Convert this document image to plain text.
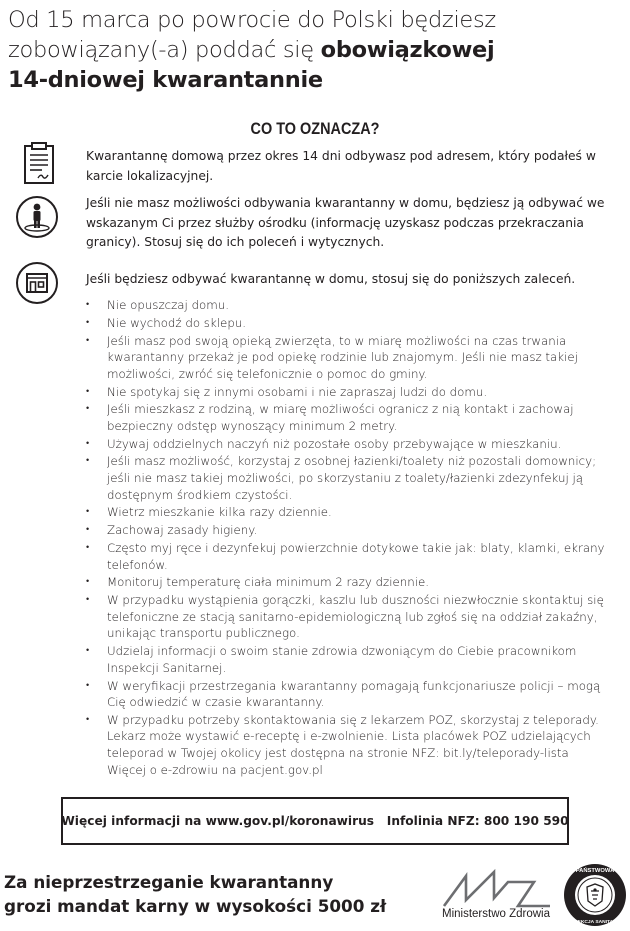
Od 15 marca po powrocie do Polski będziesz
zobowiązany(-a) poddać się obowiązkowej
14-dniowej kwarantannie
CO TO OZNACZA?
Kwarantannę domową przez okres 14 dni odbywasz pod adresem, który podałeś w karcie lokalizacyjnej.
Jeśli nie masz możliwości odbywania kwarantanny w domu, będziesz ją odbywać we wskazanym Ci przez służby ośrodku (informację uzyskasz podczas przekraczania granicy). Stosuj się do ich poleceń i wytycznych.
Jeśli będziesz odbywać kwarantannę w domu, stosuj się do poniższych zaleceń.
• Nie opuszczaj domu.
• Nie wychodź do sklepu.
• Jeśli masz pod swoją opieką zwierzęta, to w miarę możliwości na czas trwania kwarantanny przekaż je pod opiekę rodzinie lub znajomym. Jeśli nie masz takiej możliwości, zwróć się telefonicznie o pomoc do gminy.
• Nie spotykaj się z innymi osobami i nie zapraszaj ludzi do domu.
• Jeśli mieszkasz z rodziną, w miarę możliwości ogranicz z nią kontakt i zachowaj bezpieczny odstęp wynoszący minimum 2 metry.
• Używaj oddzielnych naczyń niż pozostałe osoby przebywające w mieszkaniu.
• Jeśli masz możliwość, korzystaj z osobnej łazienki/toalety niż pozostali domownicy; jeśli nie masz takiej możliwości, po skorzystaniu z toalety/łazienki zdezynfekuj ją dostępnym środkiem czystości.
• Wietrz mieszkanie kilka razy dziennie.
• Zachowaj zasady higieny.
• Często myj ręce i dezynfekuj powierzchnie dotykowe takie jak: blaty, klamki, ekrany telefonów.
• Monitoruj temperaturę ciała minimum 2 razy dziennie.
• W przypadku wystąpienia gorączki, kaszlu lub duszności niezwłocznie skontaktuj się telefoniczne ze stacją sanitarno-epidemiologiczną lub zgłoś się na oddział zakaźny, unikając transportu publicznego.
• Udzielaj informacji o swoim stanie zdrowia dzwoniącym do Ciebie pracownikom Inspekcji Sanitarnej.
• W weryfikacji przestrzegania kwarantanny pomagają funkcjonariusze policji – mogą Cię odwiedzić w czasie kwarantanny.
• W przypadku potrzeby skontaktowania się z lekarzem POZ, skorzystaj z teleporady. Lekarz może wystawić e-receptę i e-zwolnienie. Lista placówek POZ udzielających teleporad w Twojej okolicy jest dostępna na stronie NFZ: bit.ly/teleporady-lista Więcej o e-zdrowiu na pacjent.gov.pl
Więcej informacji na www.gov.pl/koronawirus
Infolinia NFZ: 800 190 590
Za nieprzestrzeganie kwarantanny
grozi mandat karny w wysokości 5000 zł	Ministerstwo Zdrowia
PAŃSTWOWA
INSPEKCJA SANITARNA
